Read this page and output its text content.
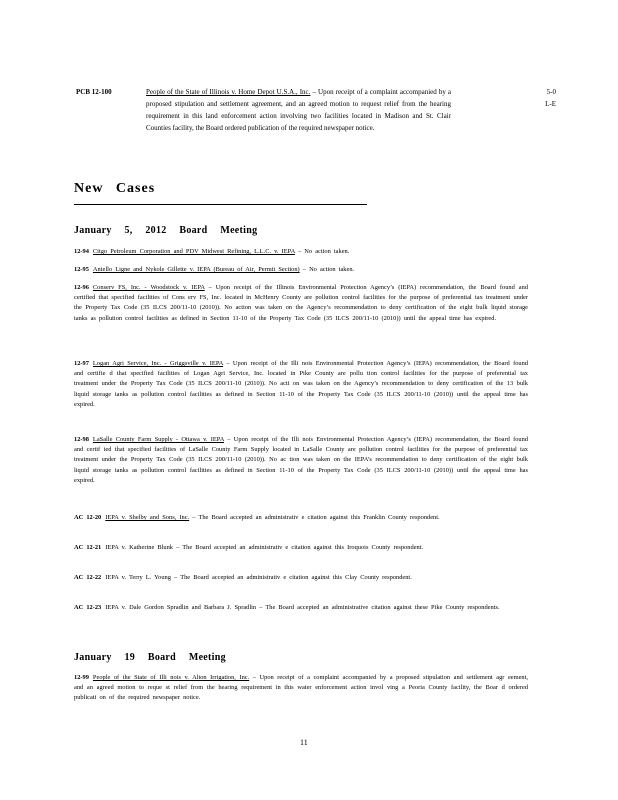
PCB 12-100	People of the State of Illinois v. Home Depot U.S.A., Inc. – Upon receipt of a complaint accompanied by a proposed stipulation and settlement agreement, and an agreed motion to request relief from the hearing requirement in this land enforcement action involving two facilities located in Madison and St. Clair Counties facility, the Board ordered publication of the required newspaper notice.
5-0
L-E
New Cases
January 5, 2012 Board Meeting
12-94 Citgo Petroleum Corporation and PDV Midwest Refining, L.L.C. v. IEPA – No action taken.
12-95 Aniello Ligne and Nykole Gillette v. IEPA (Bureau of Air, Permit Section) – No action taken.
12-96 Conserv FS, Inc. - Woodstock v. IEPA – Upon receipt of the Illinois Environmental Protection Agency’s (IEPA) recommendation, the Board found and certified that specified facilities of Cons erv FS, Inc. located in McHenry County are pollution control facilities for the purpose of preferential tax treatment under the Property Tax Code (35 ILCS 200/11-10 (2010)). No action was taken on the Agency’s recommendation to deny certification of the eight bulk liquid storage tanks as pollution control facilities as defined in Section 11-10 of the Property Tax Code (35 ILCS 200/11-10 (2010)) until the appeal time has expired.
12-97 Logan Agri Service, Inc. - Griggsville v. IEPA – Upon receipt of the Illi nois Environmental Protection Agency’s (IEPA) recommendation, the Board found and certifie d that specified facilities of Logan Agri Service, Inc. located in Pike County are pollu tion control facilities for the purpose of preferential tax treatment under the Property Tax Code (35 ILCS 200/11-10 (2010)). No acti on was taken on the Agency’s recommendation to deny certification of the 13 bulk liquid storage tanks as pollution control facilities as defined in Section 11-10 of the Property Tax Code (35 ILCS 200/11-10 (2010)) until the appeal time has expired.
12-98 LaSalle County Farm Supply - Ottawa v. IEPA – Upon receipt of the Illi nois Environmental Protection Agency’s (IEPA) recommendation, the Board found and certif ied that specified facilities of LaSalle County Farm Supply located in LaSalle County are pollution control facilities for the purpose of preferential tax treatment under the Property Tax Code (35 ILCS 200/11-10 (2010)). No ac tion was taken on the IEPA’s recommendation to deny certification of the eight bulk liquid storage tanks as pollution control facilities as defined in Section 11-10 of the Property Tax Code (35 ILCS 200/11-10 (2010)) until the appeal time has expired.
AC 12-20 IEPA v. Shelby and Sons, Inc. – The Board accepted an administrativ e citation against this Franklin County respondent.
AC 12-21 IEPA v. Katherine Blunk – The Board accepted an administrativ e citation against this Iroquois County respondent.
AC 12-22 IEPA v. Terry L. Young – The Board accepted an administrativ e citation against this Clay County respondent.
AC 12-23 IEPA v. Dale Gordon Spradlin and Barbara J. Spradlin – The Board accepted an administrative citation against these Pike County respondents.
January 19 Board Meeting
12-99 People of the State of Illi nois v. Alton Irrigation, Inc. – Upon receipt of a complaint accompanied by a proposed stipulation and settlement agr eement, and an agreed motion to reque st relief from the hearing requirement in this water enforcement action invol ving a Peoria County facility, the Boar d ordered publicati on of the required newspaper notice.
11
